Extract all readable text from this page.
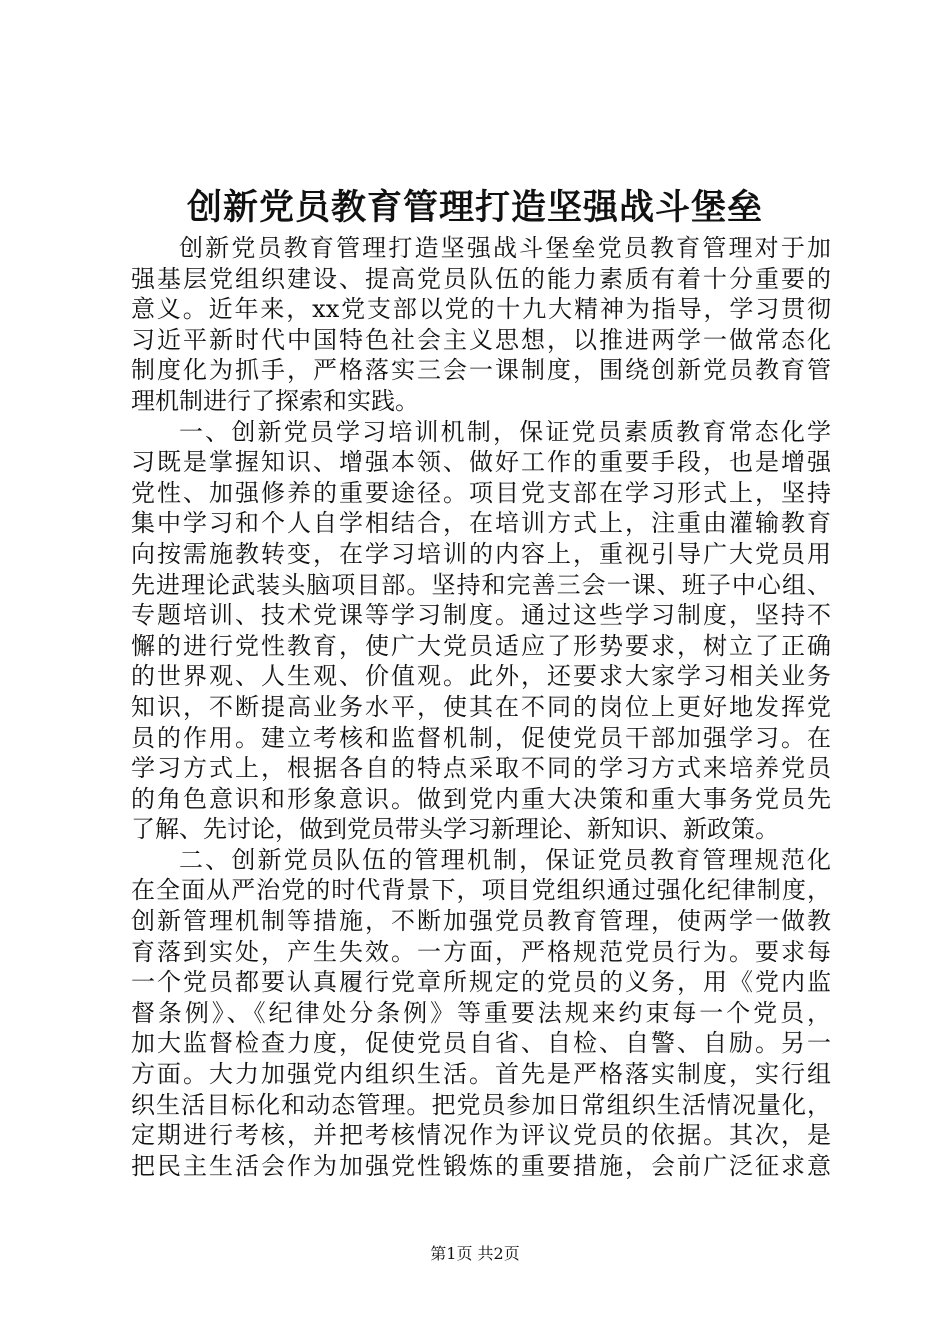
创新党员教育管理打造坚强战斗堡垒
创新党员教育管理打造坚强战斗堡垒党员教育管理对于加
强基层党组织建设、提高党员队伍的能力素质有着十分重要的
意义。近年来，xx党支部以党的十九大精神为指导，学习贯彻
习近平新时代中国特色社会主义思想，以推进两学一做常态化
制度化为抓手，严格落实三会一课制度，围绕创新党员教育管
理机制进行了探索和实践。
一、创新党员学习培训机制，保证党员素质教育常态化学
习既是掌握知识、增强本领、做好工作的重要手段，也是增强
党性、加强修养的重要途径。项目党支部在学习形式上，坚持
集中学习和个人自学相结合，在培训方式上，注重由灌输教育
向按需施教转变，在学习培训的内容上，重视引导广大党员用
先进理论武装头脑项目部。坚持和完善三会一课、班子中心组、
专题培训、技术党课等学习制度。通过这些学习制度，坚持不
懈的进行党性教育，使广大党员适应了形势要求，树立了正确
的世界观、人生观、价值观。此外，还要求大家学习相关业务
知识，不断提高业务水平，使其在不同的岗位上更好地发挥党
员的作用。建立考核和监督机制，促使党员干部加强学习。在
学习方式上，根据各自的特点采取不同的学习方式来培养党员
的角色意识和形象意识。做到党内重大决策和重大事务党员先
了解、先讨论，做到党员带头学习新理论、新知识、新政策。
二、创新党员队伍的管理机制，保证党员教育管理规范化
在全面从严治党的时代背景下，项目党组织通过强化纪律制度，
创新管理机制等措施，不断加强党员教育管理，使两学一做教
育落到实处，产生失效。一方面，严格规范党员行为。要求每
一个党员都要认真履行党章所规定的党员的义务，用《党内监
督条例》、《纪律处分条例》等重要法规来约束每一个党员，
加大监督检查力度，促使党员自省、自检、自警、自励。另一
方面。大力加强党内组织生活。首先是严格落实制度，实行组
织生活目标化和动态管理。把党员参加日常组织生活情况量化，
定期进行考核，并把考核情况作为评议党员的依据。其次，是
把民主生活会作为加强党性锻炼的重要措施，会前广泛征求意
第1页 共2页
